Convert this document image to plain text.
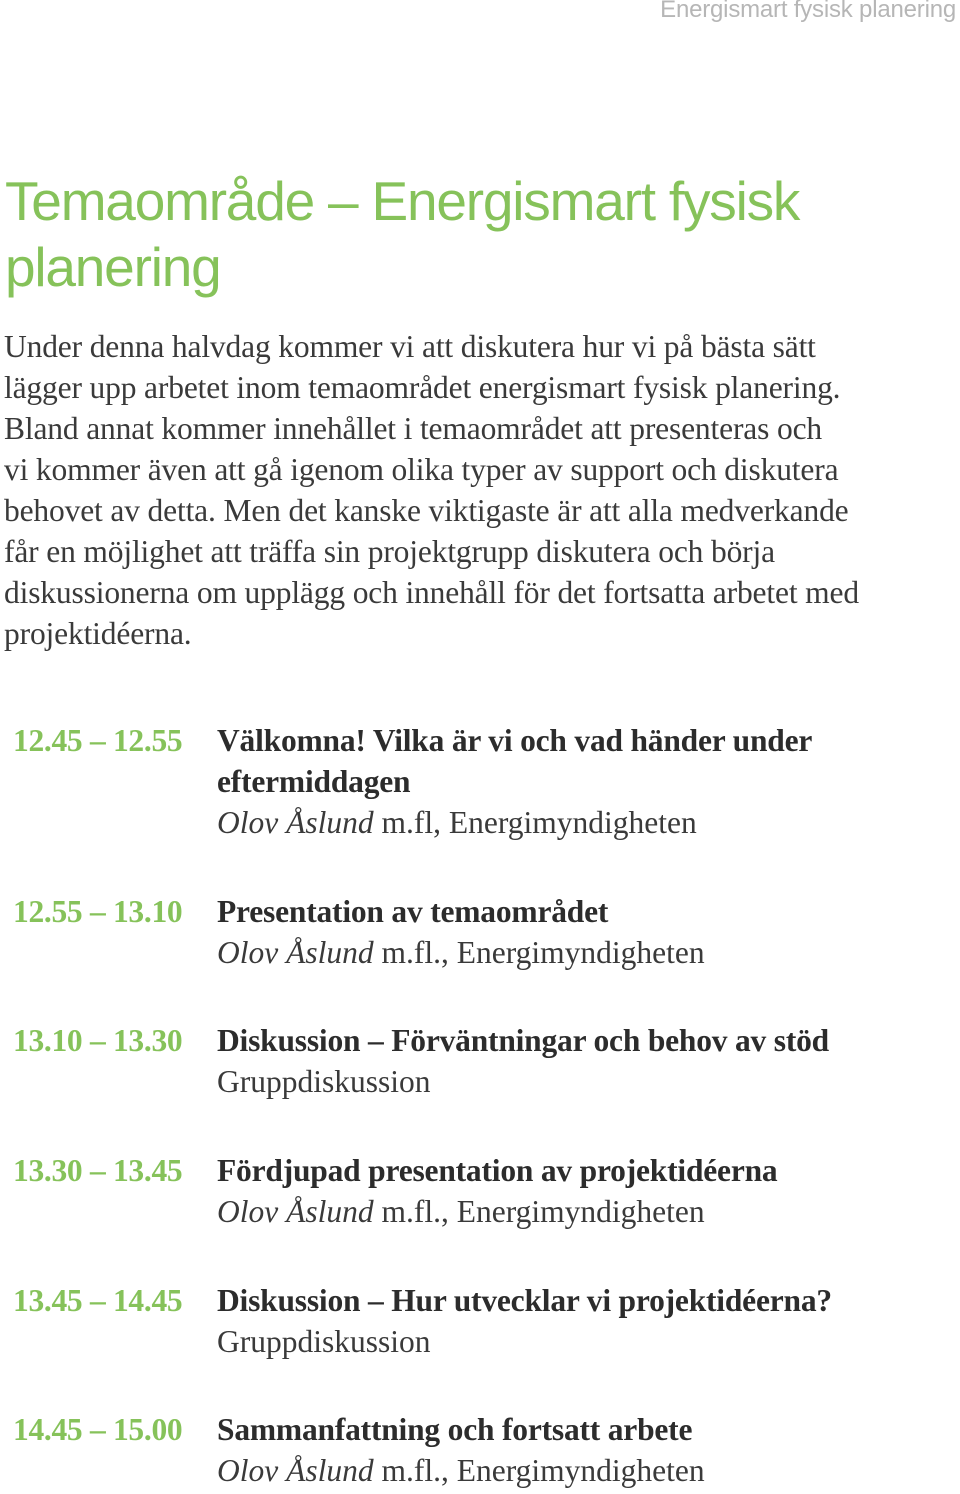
Energismart fysisk planering
Temaområde – Energismart fysisk planering
Under denna halvdag kommer vi att diskutera hur vi på bästa sätt
lägger upp arbetet inom temaområdet energismart fysisk planering.
Bland annat kommer innehållet i temaområdet att presenteras och
vi kommer även att gå igenom olika typer av support och diskutera
behovet av detta. Men det kanske viktigaste är att alla medverkande
får en möjlighet att träffa sin projektgrupp diskutera och börja
diskussionerna om upplägg och innehåll för det fortsatta arbetet med
projektidéerna.
12.45 – 12.55 Välkomna! Vilka är vi och vad händer under eftermiddagen
Olov Åslund m.fl, Energimyndigheten
12.55 – 13.10 Presentation av temaområdet
Olov Åslund m.fl., Energimyndigheten
13.10 – 13.30 Diskussion – Förväntningar och behov av stöd
Gruppdiskussion
13.30 – 13.45 Fördjupad presentation av projektidéerna
Olov Åslund m.fl., Energimyndigheten
13.45 – 14.45 Diskussion – Hur utvecklar vi projektidéerna?
Gruppdiskussion
14.45 – 15.00 Sammanfattning och fortsatt arbete
Olov Åslund m.fl., Energimyndigheten
